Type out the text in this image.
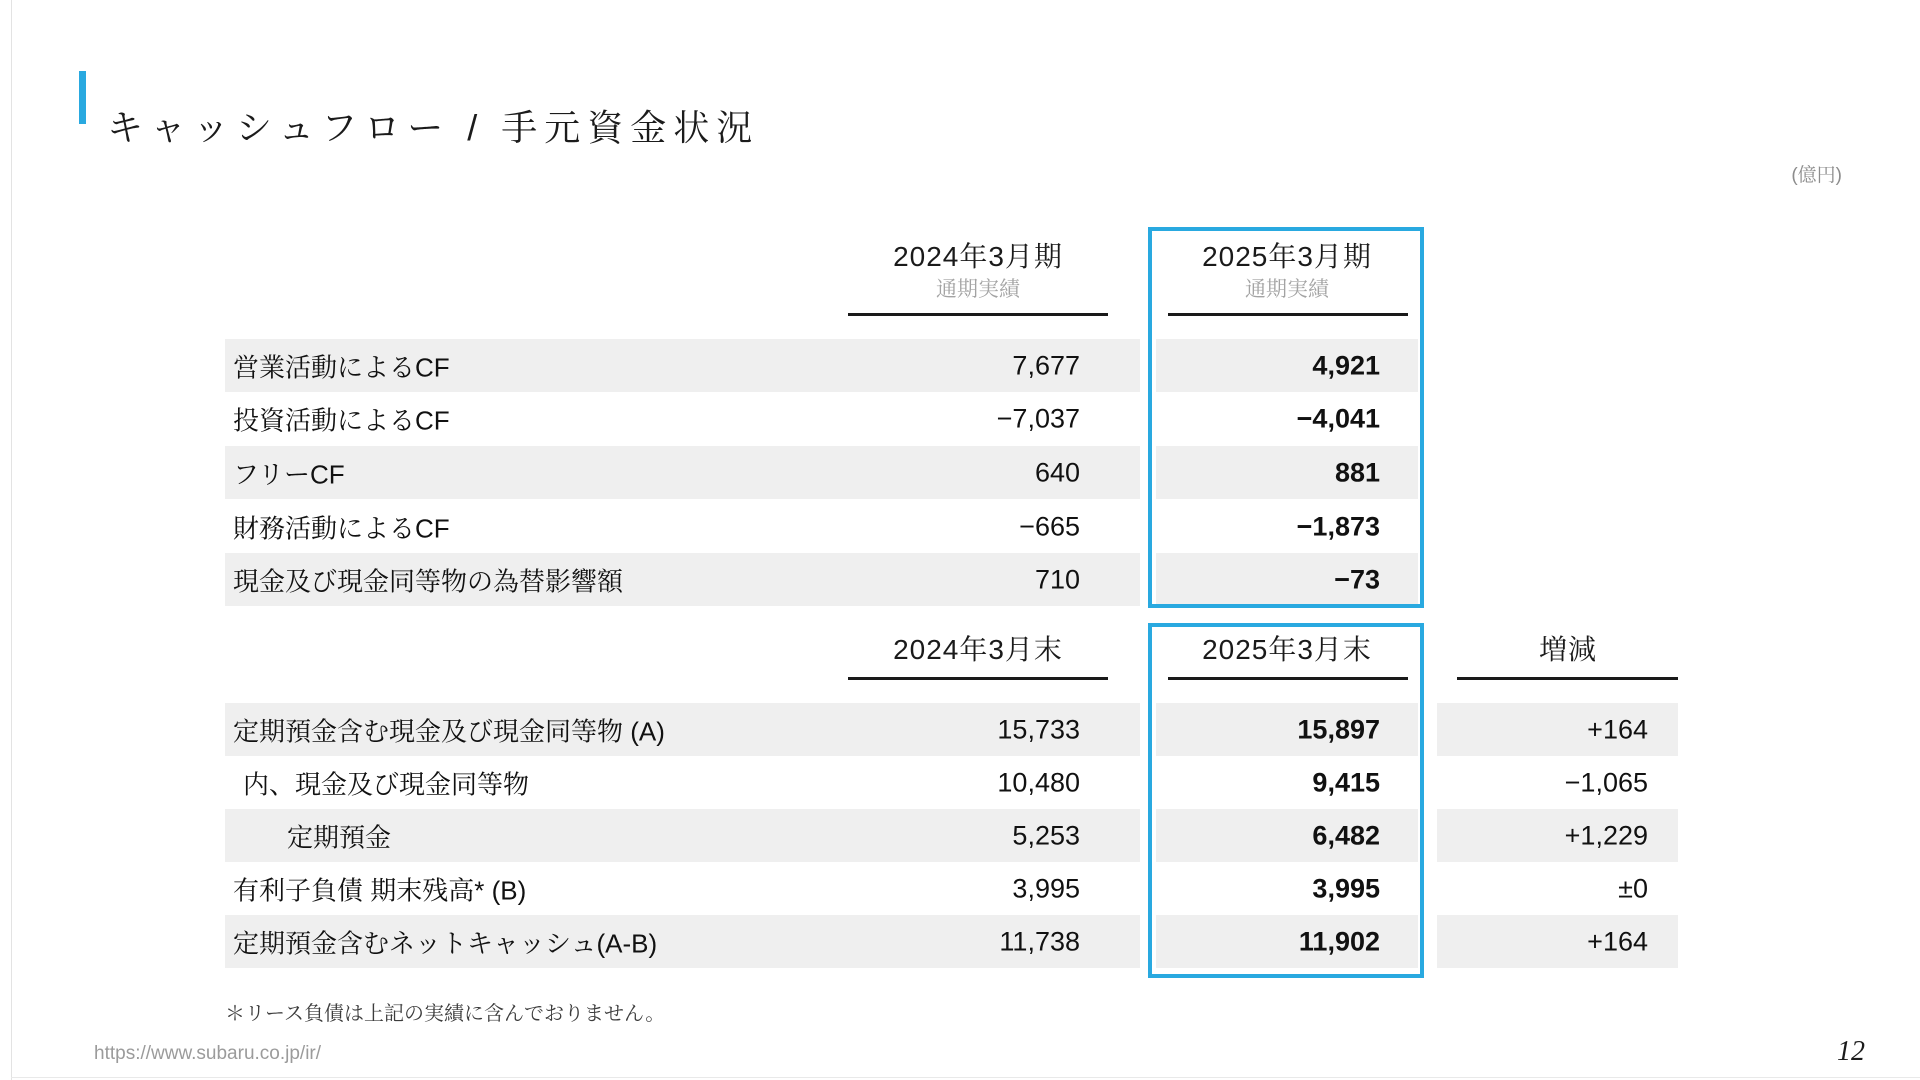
キャッシュフロー / 手元資金状況
(億円)
2024年3月期
通期実績
2025年3月期
通期実績
営業活動によるCF	7,677	4,921
投資活動によるCF	−7,037	−4,041
フリーCF	640	881
財務活動によるCF	−665	−1,873
現金及び現金同等物の為替影響額	710	−73
2024年3月末	2025年3月末	増減
定期預金含む現金及び現金同等物 (A)	15,733	15,897	+164
内、現金及び現金同等物	10,480	9,415	−1,065
定期預金	5,253	6,482	+1,229
有利子負債 期末残高* (B)	3,995	3,995	±0
定期預金含むネットキャッシュ(A-B)	11,738	11,902	+164
＊リース負債は上記の実績に含んでおりません。
https://www.subaru.co.jp/ir/	12
